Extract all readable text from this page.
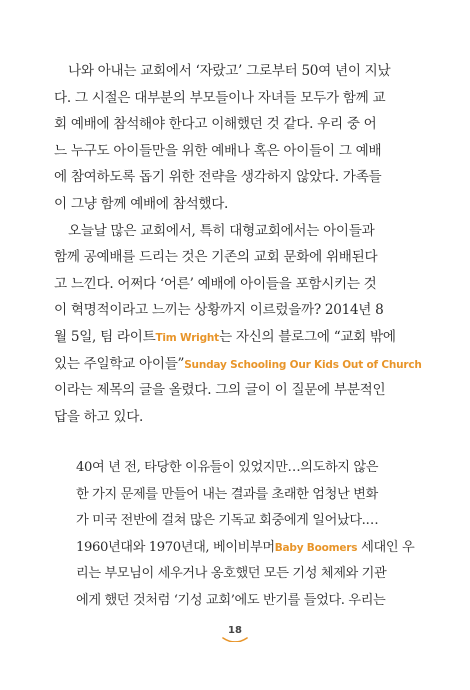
나와 아내는 교회에서 ‘자랐고’ 그로부터 50여 년이 지났
다. 그 시절은 대부분의 부모들이나 자녀들 모두가 함께 교
회 예배에 참석해야 한다고 이해했던 것 같다. 우리 중 어
느 누구도 아이들만을 위한 예배나 혹은 아이들이 그 예배
에 참여하도록 돕기 위한 전략을 생각하지 않았다. 가족들
이 그냥 함께 예배에 참석했다.
오늘날 많은 교회에서, 특히 대형교회에서는 아이들과
함께 공예배를 드리는 것은 기존의 교회 문화에 위배된다
고 느낀다. 어쩌다 ‘어른’ 예배에 아이들을 포함시키는 것
이 혁명적이라고 느끼는 상황까지 이르렀을까? 2014년 8
월 5일, 팀 라이트Tim Wright는 자신의 블로그에 “교회 밖에
있는 주일학교 아이들”Sunday Schooling Our Kids Out of Church
이라는 제목의 글을 올렸다. 그의 글이 이 질문에 부분적인
답을 하고 있다.
40여 년 전, 타당한 이유들이 있었지만…의도하지 않은
한 가지 문제를 만들어 내는 결과를 초래한 엄청난 변화
가 미국 전반에 걸쳐 많은 기독교 회중에게 일어났다.…
1960년대와 1970년대, 베이비부머Baby Boomers 세대인 우
리는 부모님이 세우거나 옹호했던 모든 기성 체제와 기관
에게 했던 것처럼 ‘기성 교회’에도 반기를 들었다. 우리는
18
